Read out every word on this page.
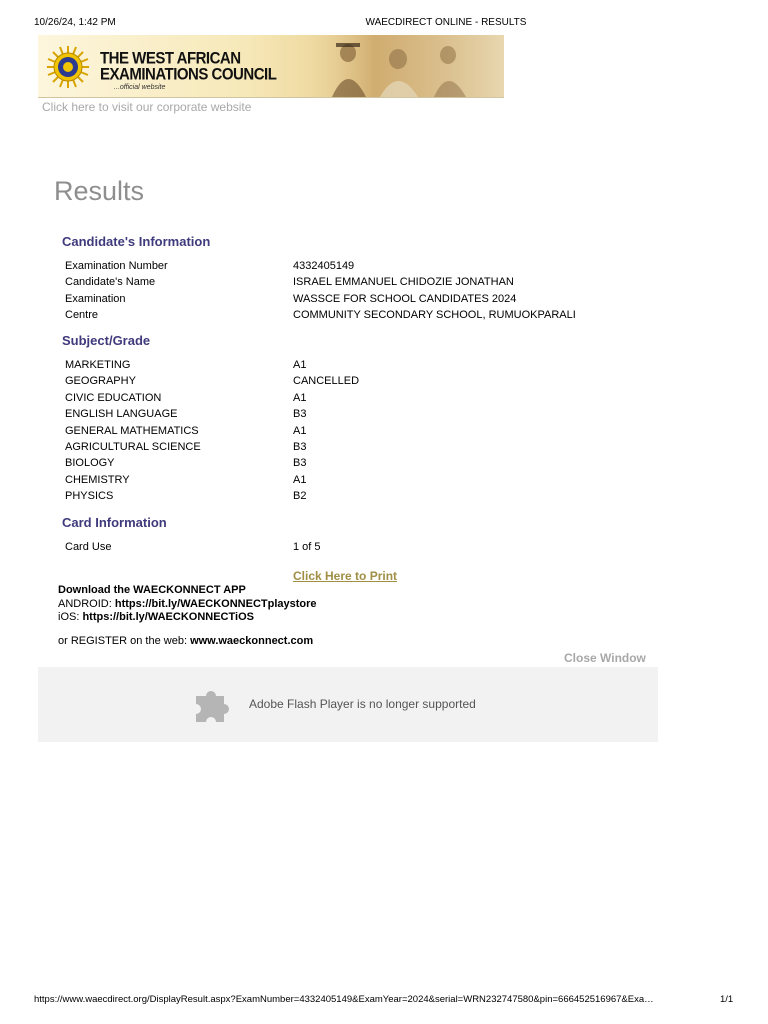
10/26/24, 1:42 PM	WAECDIRECT ONLINE - RESULTS
THE WEST AFRICAN
EXAMINATIONS COUNCIL
...official website
Click here to visit our corporate website
Results
Candidate's Information
Examination Number	4332405149
Candidate's Name	ISRAEL EMMANUEL CHIDOZIE JONATHAN
Examination	WASSCE FOR SCHOOL CANDIDATES 2024
Centre	COMMUNITY SECONDARY SCHOOL, RUMUOKPARALI
Subject/Grade
MARKETING	A1
GEOGRAPHY	CANCELLED
CIVIC EDUCATION	A1
ENGLISH LANGUAGE	B3
GENERAL MATHEMATICS	A1
AGRICULTURAL SCIENCE	B3
BIOLOGY	B3
CHEMISTRY	A1
PHYSICS	B2
Card Information
Card Use	1 of 5
Click Here to Print
Download the WAECKONNECT APP
ANDROID: https://bit.ly/WAECKONNECTplaystore
iOS: https://bit.ly/WAECKONNECTiOS
or REGISTER on the web: www.waeckonnect.com
Close Window
Adobe Flash Player is no longer supported
https://www.waecdirect.org/DisplayResult.aspx?ExamNumber=4332405149&ExamYear=2024&serial=WRN232747580&pin=666452516967&Exa…	1/1
